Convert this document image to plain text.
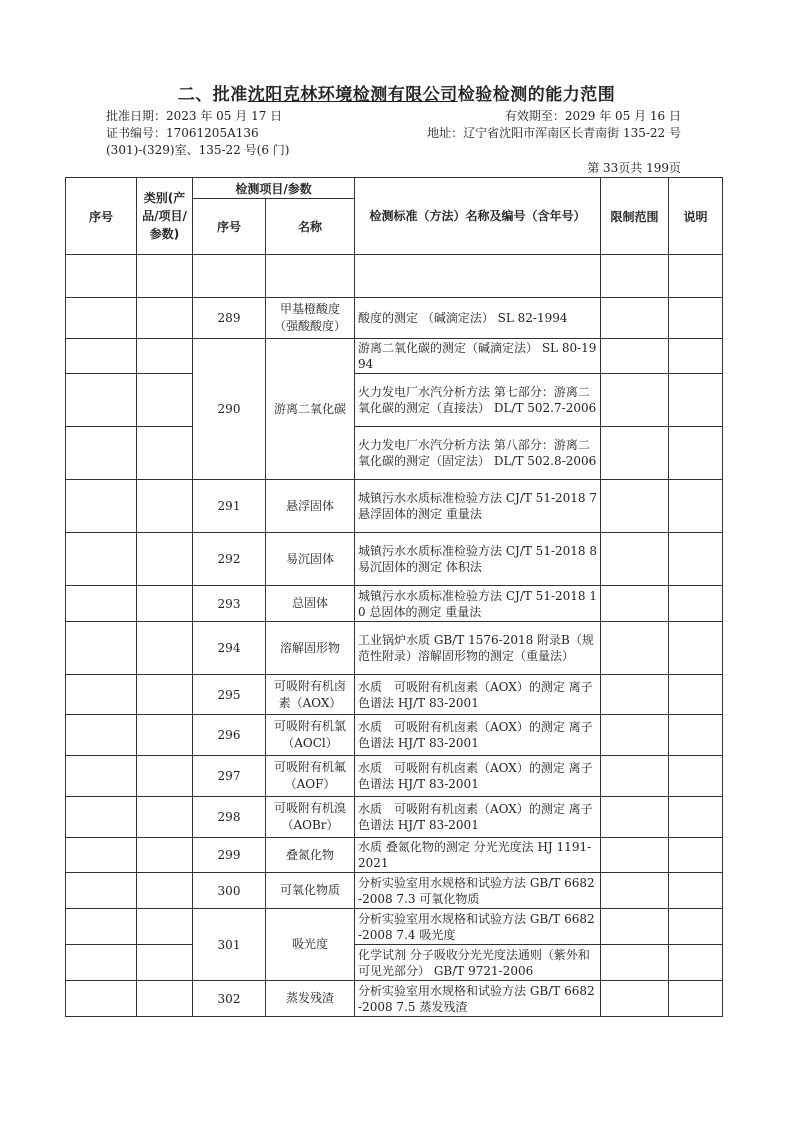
二、批准沈阳克林环境检测有限公司检验检测的能力范围
批准日期：2023 年 05 月 17 日	有效期至：2029 年 05 月 16 日
证书编号：17061205A136	地址：辽宁省沈阳市浑南区长青南街 135-22 号
(301)-(329)室、135-22 号(6 门)
第 33页共 199页
序号	类别(产品/项目/参数)	检测项目/参数		检测标准（方法）名称及编号（含年号）	限制范围	说明
		序号	名称			

		289	甲基橙酸度（强酸酸度）	酸度的测定 （碱滴定法） SL 82-1994		
		290	游离二氧化碳	游离二氧化碳的测定（碱滴定法） SL 80-1994		
				火力发电厂水汽分析方法 第七部分：游离二氧化碳的测定（直接法） DL/T 502.7-2006		
				火力发电厂水汽分析方法 第八部分：游离二氧化碳的测定（固定法） DL/T 502.8-2006		
		291	悬浮固体	城镇污水水质标准检验方法 CJ/T 51-2018 7 悬浮固体的测定 重量法		
		292	易沉固体	城镇污水水质标准检验方法 CJ/T 51-2018 8 易沉固体的测定 体积法		
		293	总固体	城镇污水水质标准检验方法 CJ/T 51-2018 10 总固体的测定 重量法		
		294	溶解固形物	工业锅炉水质 GB/T 1576-2018 附录B（规范性附录）溶解固形物的测定（重量法）		
		295	可吸附有机卤素（AOX）	水质　可吸附有机卤素（AOX）的测定 离子色谱法 HJ/T 83-2001		
		296	可吸附有机氯（AOCl）	水质　可吸附有机卤素（AOX）的测定 离子色谱法 HJ/T 83-2001		
		297	可吸附有机氟（AOF）	水质　可吸附有机卤素（AOX）的测定 离子色谱法 HJ/T 83-2001		
		298	可吸附有机溴（AOBr）	水质　可吸附有机卤素（AOX）的测定 离子色谱法 HJ/T 83-2001		
		299	叠氮化物	水质 叠氮化物的测定 分光光度法 HJ 1191-2021		
		300	可氧化物质	分析实验室用水规格和试验方法 GB/T 6682-2008 7.3 可氧化物质		
		301	吸光度	分析实验室用水规格和试验方法 GB/T 6682-2008 7.4 吸光度		
				化学试剂 分子吸收分光光度法通则（紫外和可见光部分） GB/T 9721-2006		
		302	蒸发残渣	分析实验室用水规格和试验方法 GB/T 6682-2008 7.5 蒸发残渣		
